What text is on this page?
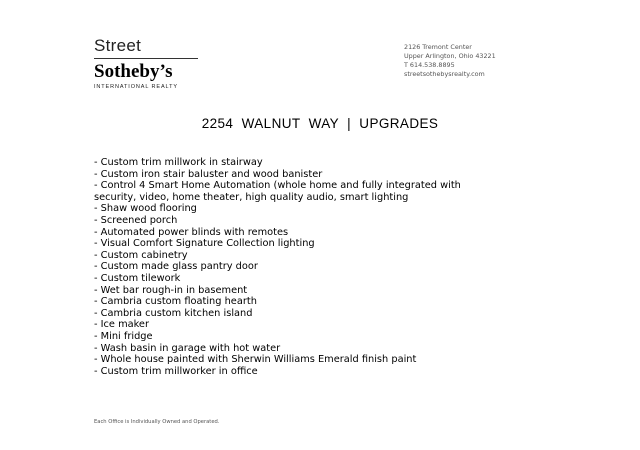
Street
Sotheby’s
INTERNATIONAL REALTY
2126 Tremont Center
Upper Arlington, Ohio 43221
T 614.538.8895
streetsothebysrealty.com
2254  WALNUT  WAY  |  UPGRADES
- Custom trim millwork in stairway
- Custom iron stair baluster and wood banister
- Control 4 Smart Home Automation (whole home and fully integrated with
security, video, home theater, high quality audio, smart lighting
- Shaw wood flooring
- Screened porch
- Automated power blinds with remotes
- Visual Comfort Signature Collection lighting
- Custom cabinetry
- Custom made glass pantry door
- Custom tilework
- Wet bar rough-in in basement
- Cambria custom floating hearth
- Cambria custom kitchen island
- Ice maker
- Mini fridge
- Wash basin in garage with hot water
- Whole house painted with Sherwin Williams Emerald finish paint
- Custom trim millworker in office
Each Office is Individually Owned and Operated.
